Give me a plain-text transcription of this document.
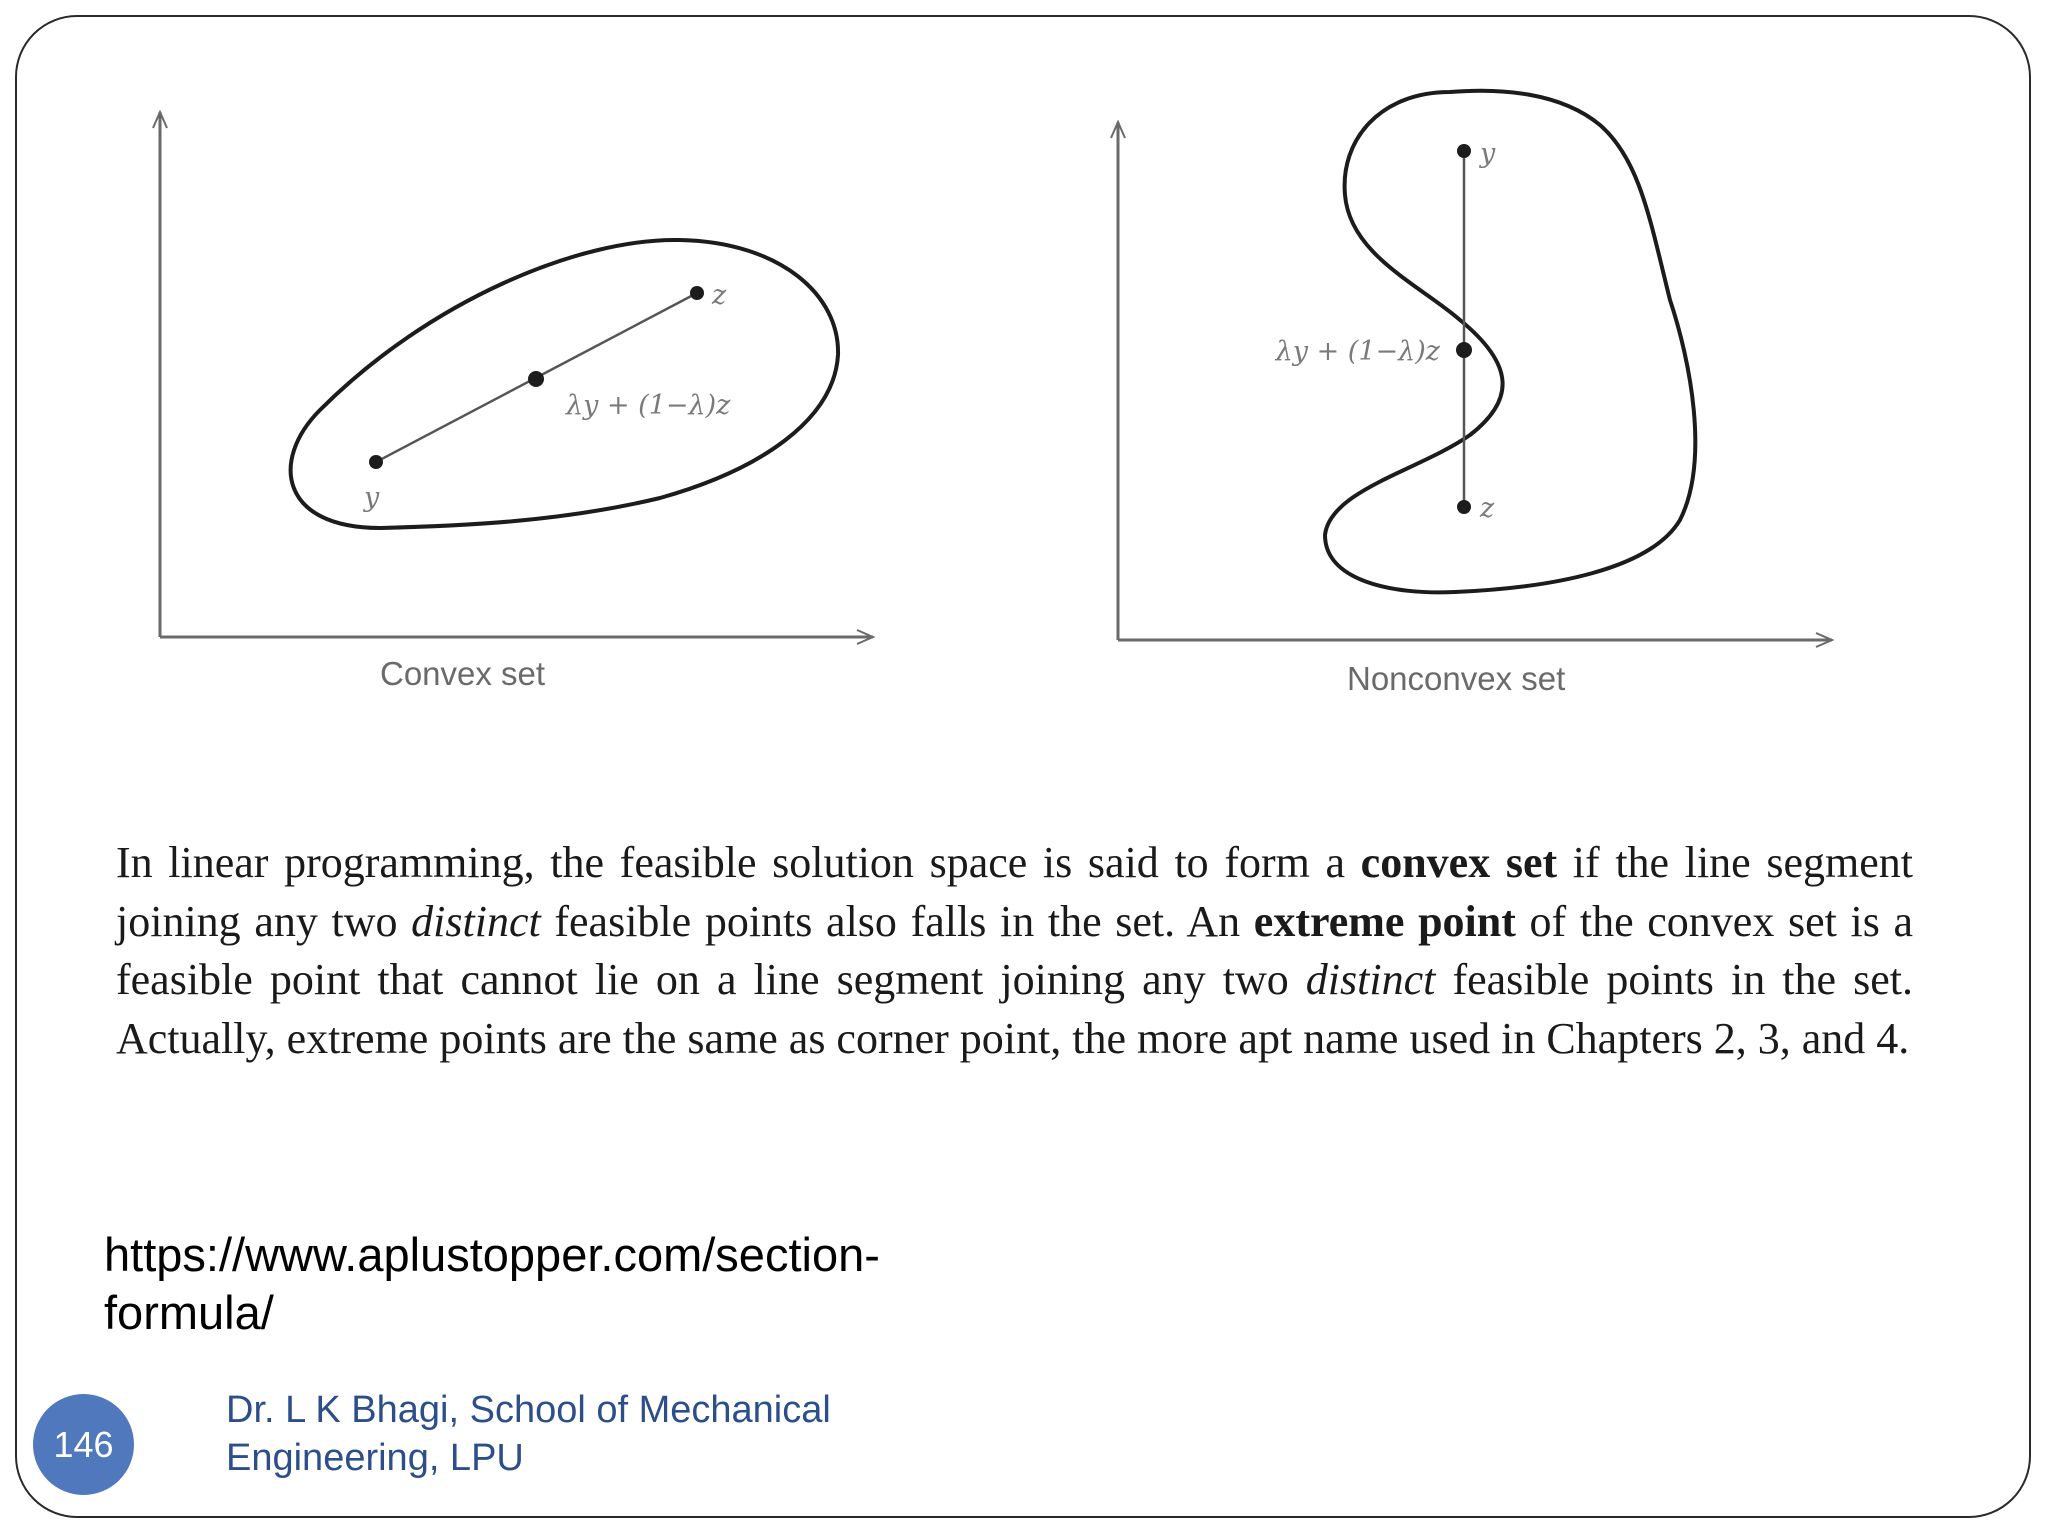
z
y
λy + (1−λ)z
Convex set
y
z
λy + (1−λ)z
Nonconvex set
In linear programming, the feasible solution space is said to form a convex set if the line segment joining any two distinct feasible points also falls in the set. An extreme point of the convex set is a feasible point that cannot lie on a line segment joining any two distinct feasible points in the set. Actually, extreme points are the same as corner point, the more apt name used in Chapters 2, 3, and 4.
https://www.aplustopper.com/section-formula/
146
Dr. L K Bhagi, School of Mechanical Engineering, LPU
